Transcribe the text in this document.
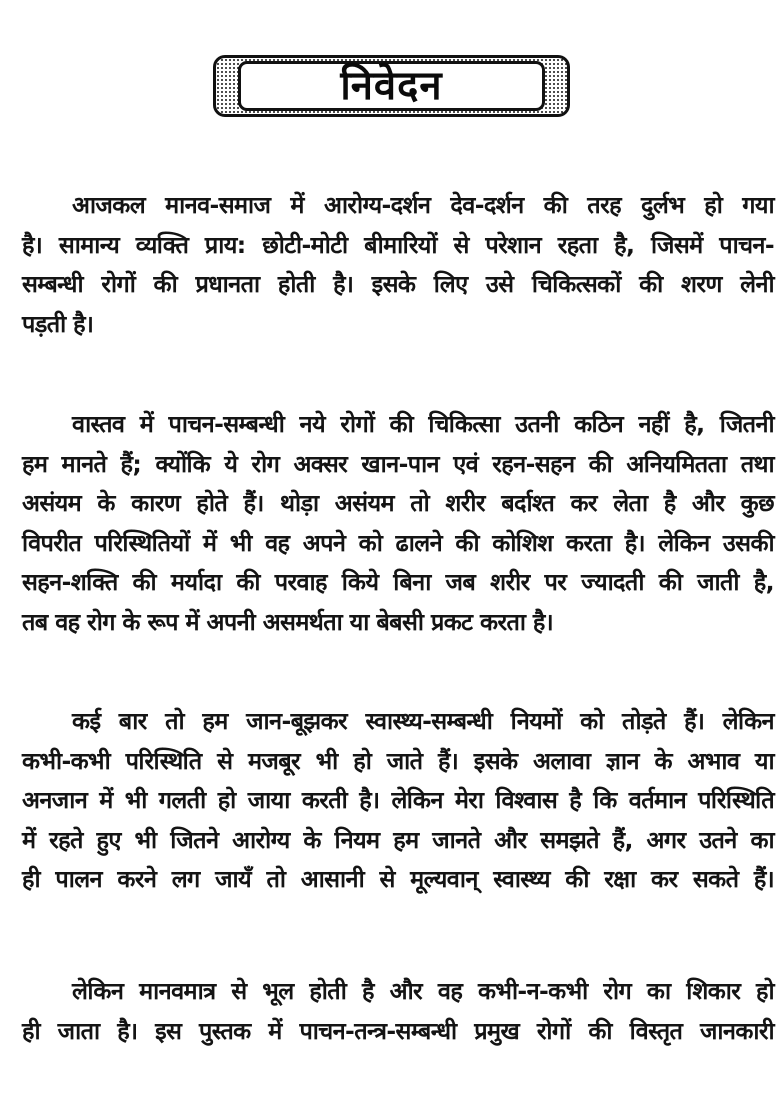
निवेदन

आजकल मानव-समाज में आरोग्य-दर्शन देव-दर्शन की तरह दुर्लभ हो गया
है। सामान्य व्यक्ति प्राय: छोटी-मोटी बीमारियों से परेशान रहता है, जिसमें पाचन-
सम्बन्धी रोगों की प्रधानता होती है। इसके लिए उसे चिकित्सकों की शरण लेनी
पड़ती है।

वास्तव में पाचन-सम्बन्धी नये रोगों की चिकित्सा उतनी कठिन नहीं है, जितनी
हम मानते हैं; क्योंकि ये रोग अक्सर खान-पान एवं रहन-सहन की अनियमितता तथा
असंयम के कारण होते हैं। थोड़ा असंयम तो शरीर बर्दाश्त कर लेता है और कुछ
विपरीत परिस्थितियों में भी वह अपने को ढालने की कोशिश करता है। लेकिन उसकी
सहन-शक्ति की मर्यादा की परवाह किये बिना जब शरीर पर ज्यादती की जाती है,
तब वह रोग के रूप में अपनी असमर्थता या बेबसी प्रकट करता है।

कई बार तो हम जान-बूझकर स्वास्थ्य-सम्बन्धी नियमों को तोड़ते हैं। लेकिन
कभी-कभी परिस्थिति से मजबूर भी हो जाते हैं। इसके अलावा ज्ञान के अभाव या
अनजान में भी गलती हो जाया करती है। लेकिन मेरा विश्वास है कि वर्तमान परिस्थिति
में रहते हुए भी जितने आरोग्य के नियम हम जानते और समझते हैं, अगर उतने का
ही पालन करने लग जायँ तो आसानी से मूल्यवान् स्वास्थ्य की रक्षा कर सकते हैं।

लेकिन मानवमात्र से भूल होती है और वह कभी-न-कभी रोग का शिकार हो
ही जाता है। इस पुस्तक में पाचन-तन्त्र-सम्बन्धी प्रमुख रोगों की विस्तृत जानकारी
